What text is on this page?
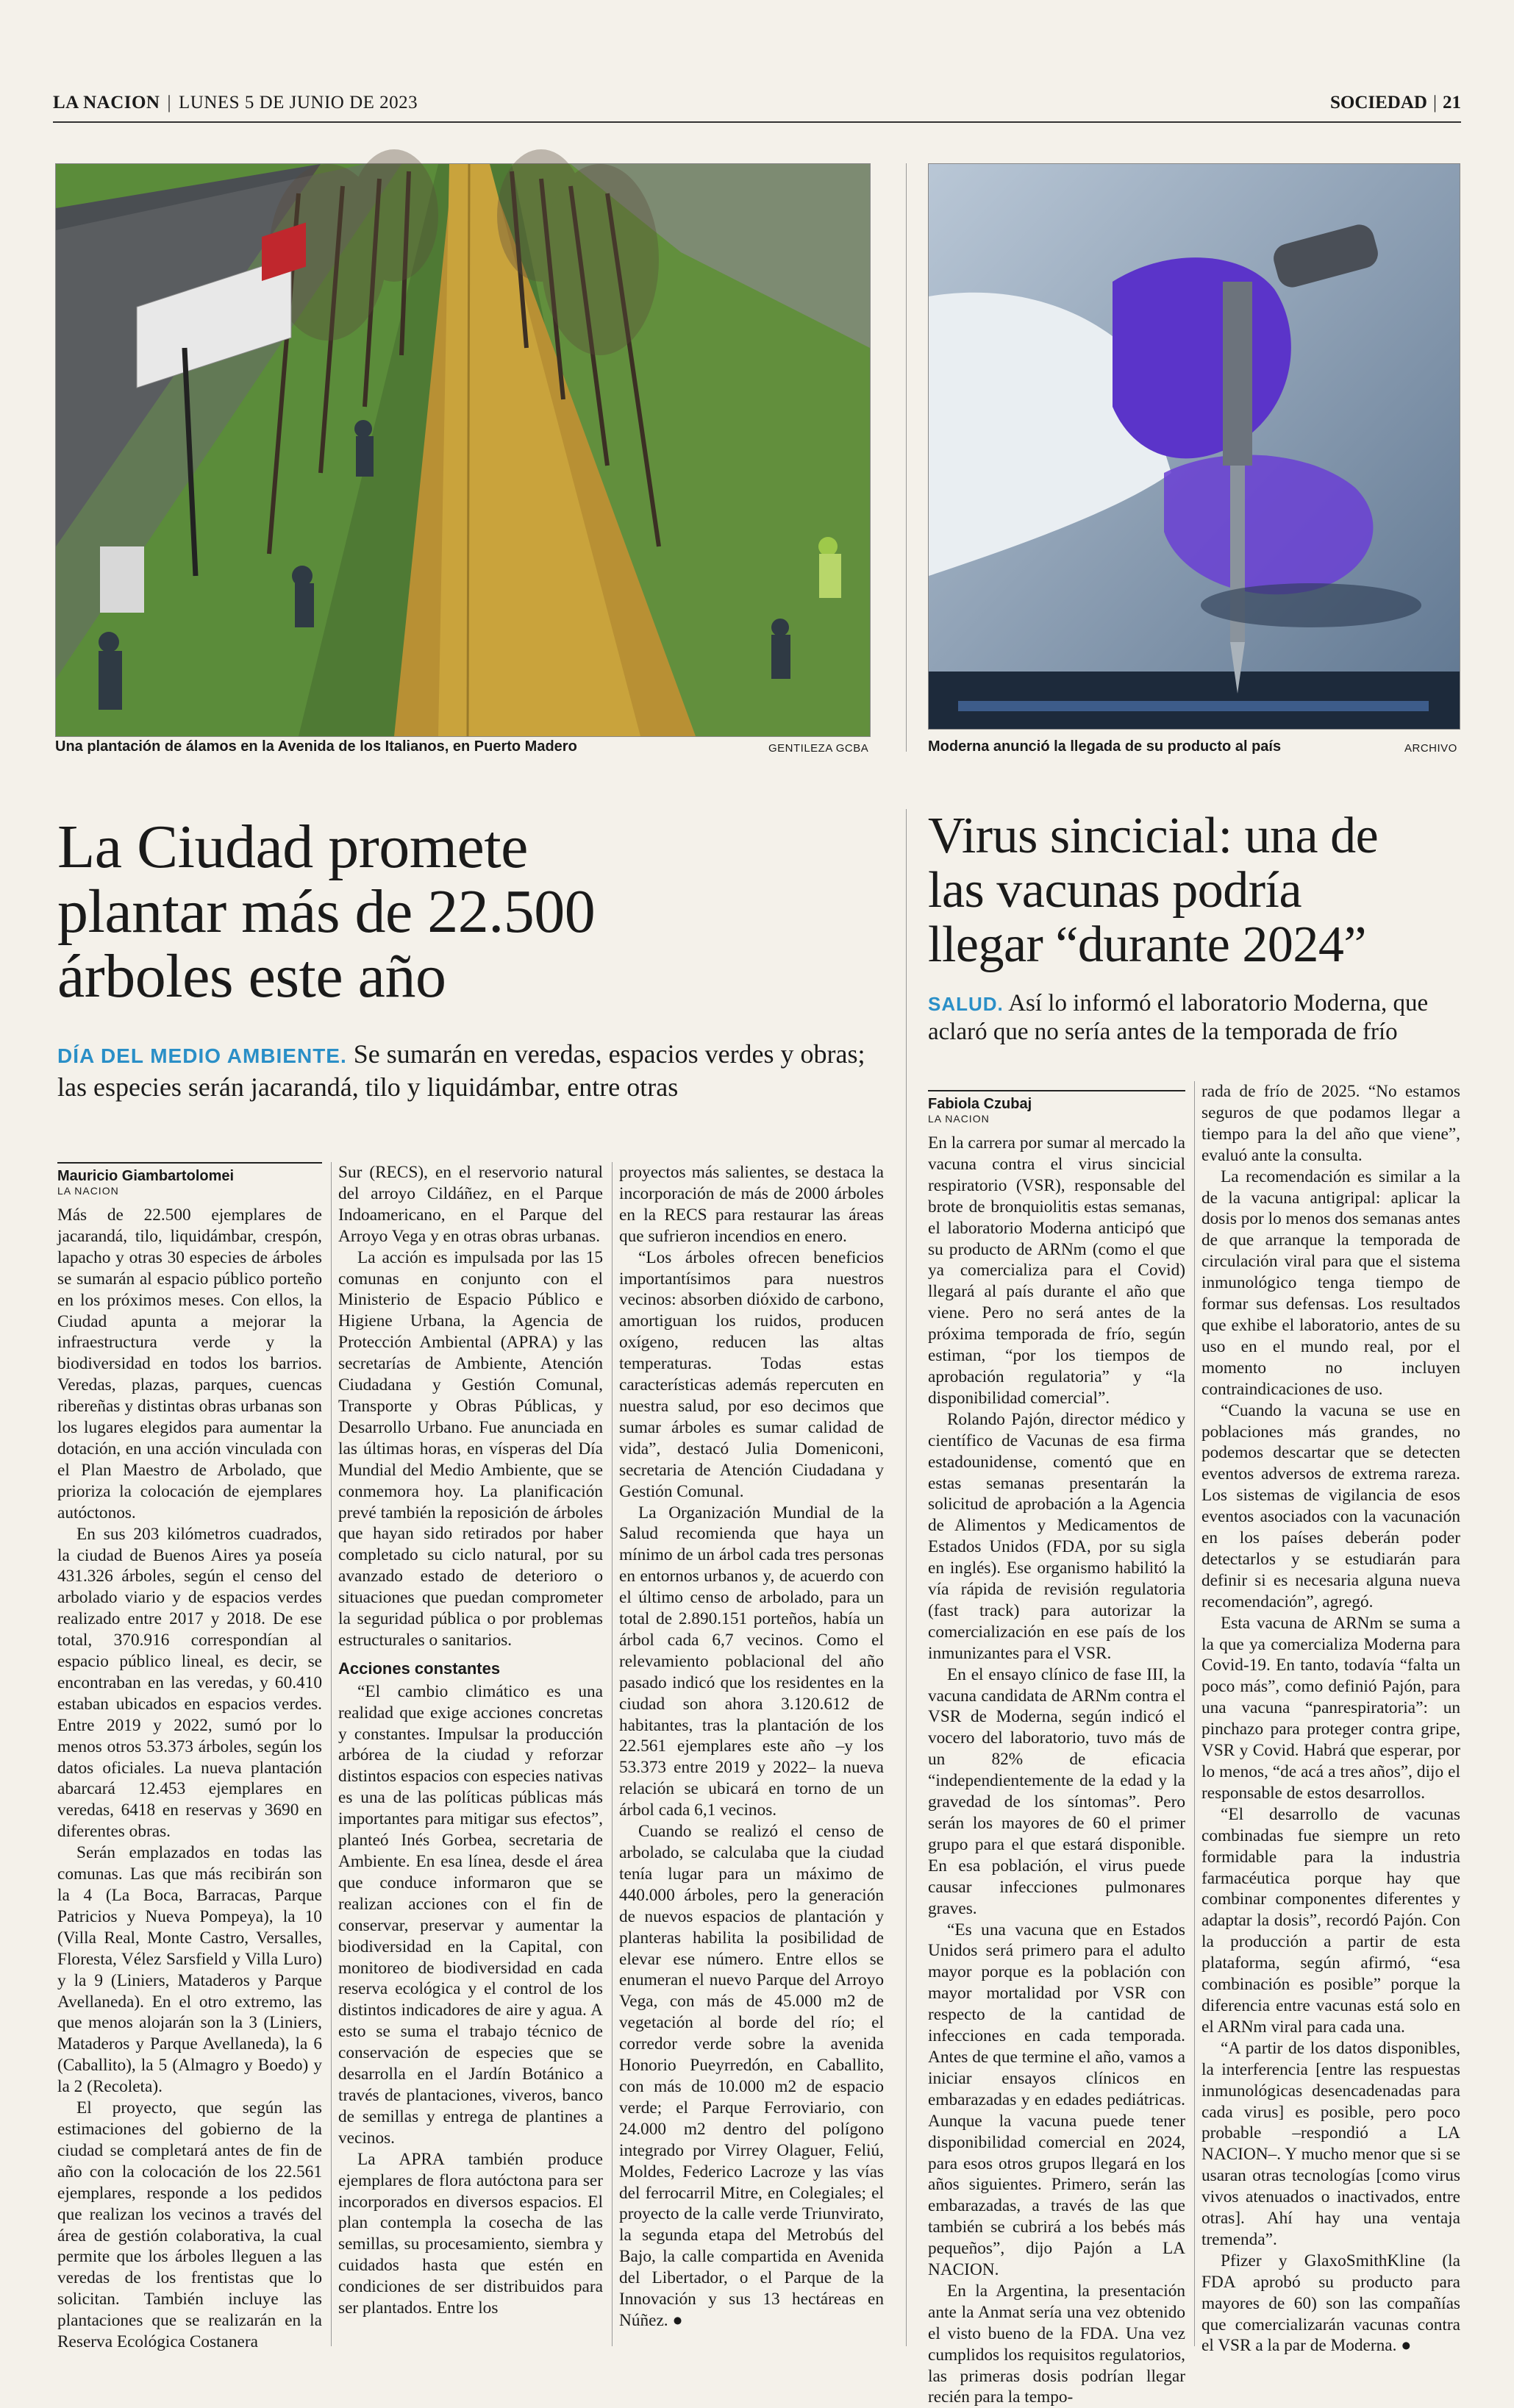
LA NACION | LUNES 5 DE JUNIO DE 2023	SOCIEDAD | 21
Una plantación de álamos en la Avenida de los Italianos, en Puerto Madero	GENTILEZA GCBA	Moderna anunció la llegada de su producto al país	ARCHIVO
La Ciudad promete
plantar más de 22.500
árboles este año
DÍA DEL MEDIO AMBIENTE. Se sumarán en veredas, espacios verdes y obras; las especies serán jacarandá, tilo y liquidámbar, entre otras
Virus sincicial: una de
las vacunas podría
llegar “durante 2024”
SALUD. Así lo informó el laboratorio Moderna, que aclaró que no sería antes de la temporada de frío
Mauricio Giambartolomei
LA NACION

Más de 22.500 ejemplares de jacarandá, tilo, liquidámbar, crespón, lapacho y otras 30 especies de árboles se sumarán al espacio público porteño en los próximos meses. Con ellos, la Ciudad apunta a mejorar la infraestructura verde y la biodiversidad en todos los barrios. Veredas, plazas, parques, cuencas ribereñas y distintas obras urbanas son los lugares elegidos para aumentar la dotación, en una acción vinculada con el Plan Maestro de Arbolado, que prioriza la colocación de ejemplares autóctonos.

En sus 203 kilómetros cuadrados, la ciudad de Buenos Aires ya poseía 431.326 árboles, según el censo del arbolado viario y de espacios verdes realizado entre 2017 y 2018. De ese total, 370.916 correspondían al espacio público lineal, es decir, se encontraban en las veredas, y 60.410 estaban ubicados en espacios verdes. Entre 2019 y 2022, sumó por lo menos otros 53.373 árboles, según los datos oficiales. La nueva plantación abarcará 12.453 ejemplares en veredas, 6418 en reservas y 3690 en diferentes obras.

Serán emplazados en todas las comunas. Las que más recibirán son la 4 (La Boca, Barracas, Parque Patricios y Nueva Pompeya), la 10 (Villa Real, Monte Castro, Versalles, Floresta, Vélez Sarsfield y Villa Luro) y la 9 (Liniers, Mataderos y Parque Avellaneda). En el otro extremo, las que menos alojarán son la 3 (Liniers, Mataderos y Parque Avellaneda), la 6 (Caballito), la 5 (Almagro y Boedo) y la 2 (Recoleta).

El proyecto, que según las estimaciones del gobierno de la ciudad se completará antes de fin de año con la colocación de los 22.561 ejemplares, responde a los pedidos que realizan los vecinos a través del área de gestión colaborativa, la cual permite que los árboles lleguen a las veredas de los frentistas que lo solicitan. También incluye las plantaciones que se realizarán en la Reserva Ecológica Costanera

Sur (RECS), en el reservorio natural del arroyo Cildáñez, en el Parque Indoamericano, en el Parque del Arroyo Vega y en otras obras urbanas.

La acción es impulsada por las 15 comunas en conjunto con el Ministerio de Espacio Público e Higiene Urbana, la Agencia de Protección Ambiental (APRA) y las secretarías de Ambiente, Atención Ciudadana y Gestión Comunal, Transporte y Obras Públicas, y Desarrollo Urbano. Fue anunciada en las últimas horas, en vísperas del Día Mundial del Medio Ambiente, que se conmemora hoy. La planificación prevé también la reposición de árboles que hayan sido retirados por haber completado su ciclo natural, por su avanzado estado de deterioro o situaciones que puedan comprometer la seguridad pública o por problemas estructurales o sanitarios.

Acciones constantes

“El cambio climático es una realidad que exige acciones concretas y constantes. Impulsar la producción arbórea de la ciudad y reforzar distintos espacios con especies nativas es una de las políticas públicas más importantes para mitigar sus efectos”, planteó Inés Gorbea, secretaria de Ambiente. En esa línea, desde el área que conduce informaron que se realizan acciones con el fin de conservar, preservar y aumentar la biodiversidad en la Capital, con monitoreo de biodiversidad en cada reserva ecológica y el control de los distintos indicadores de aire y agua. A esto se suma el trabajo técnico de conservación de especies que se desarrolla en el Jardín Botánico a través de plantaciones, viveros, banco de semillas y entrega de plantines a vecinos.

La APRA también produce ejemplares de flora autóctona para ser incorporados en diversos espacios. El plan contempla la cosecha de las semillas, su procesamiento, siembra y cuidados hasta que estén en condiciones de ser distribuidos para ser plantados. Entre los

proyectos más salientes, se destaca la incorporación de más de 2000 árboles en la RECS para restaurar las áreas que sufrieron incendios en enero.

“Los árboles ofrecen beneficios importantísimos para nuestros vecinos: absorben dióxido de carbono, amortiguan los ruidos, producen oxígeno, reducen las altas temperaturas. Todas estas características además repercuten en nuestra salud, por eso decimos que sumar árboles es sumar calidad de vida”, destacó Julia Domeniconi, secretaria de Atención Ciudadana y Gestión Comunal.

La Organización Mundial de la Salud recomienda que haya un mínimo de un árbol cada tres personas en entornos urbanos y, de acuerdo con el último censo de arbolado, para un total de 2.890.151 porteños, había un árbol cada 6,7 vecinos. Como el relevamiento poblacional del año pasado indicó que los residentes en la ciudad son ahora 3.120.612 de habitantes, tras la plantación de los 22.561 ejemplares este año –y los 53.373 entre 2019 y 2022– la nueva relación se ubicará en torno de un árbol cada 6,1 vecinos.

Cuando se realizó el censo de arbolado, se calculaba que la ciudad tenía lugar para un máximo de 440.000 árboles, pero la generación de nuevos espacios de plantación y planteras habilita la posibilidad de elevar ese número. Entre ellos se enumeran el nuevo Parque del Arroyo Vega, con más de 45.000 m2 de vegetación al borde del río; el corredor verde sobre la avenida Honorio Pueyrredón, en Caballito, con más de 10.000 m2 de espacio verde; el Parque Ferroviario, con 24.000 m2 dentro del polígono integrado por Virrey Olaguer, Feliú, Moldes, Federico Lacroze y las vías del ferrocarril Mitre, en Colegiales; el proyecto de la calle verde Triunvirato, la segunda etapa del Metrobús del Bajo, la calle compartida en Avenida del Libertador, o el Parque de la Innovación y sus 13 hectáreas en Núñez. ●

Fabiola Czubaj
LA NACION

En la carrera por sumar al mercado la vacuna contra el virus sincicial respiratorio (VSR), responsable del brote de bronquiolitis estas semanas, el laboratorio Moderna anticipó que su producto de ARNm (como el que ya comercializa para el Covid) llegará al país durante el año que viene. Pero no será antes de la próxima temporada de frío, según estiman, “por los tiempos de aprobación regulatoria” y “la disponibilidad comercial”.

Rolando Pajón, director médico y científico de Vacunas de esa firma estadounidense, comentó que en estas semanas presentarán la solicitud de aprobación a la Agencia de Alimentos y Medicamentos de Estados Unidos (FDA, por su sigla en inglés). Ese organismo habilitó la vía rápida de revisión regulatoria (fast track) para autorizar la comercialización en ese país de los inmunizantes para el VSR.

En el ensayo clínico de fase III, la vacuna candidata de ARNm contra el VSR de Moderna, según indicó el vocero del laboratorio, tuvo más de un 82% de eficacia “independientemente de la edad y la gravedad de los síntomas”. Pero serán los mayores de 60 el primer grupo para el que estará disponible. En esa población, el virus puede causar infecciones pulmonares graves.

“Es una vacuna que en Estados Unidos será primero para el adulto mayor porque es la población con mayor mortalidad por VSR con respecto de la cantidad de infecciones en cada temporada. Antes de que termine el año, vamos a iniciar ensayos clínicos en embarazadas y en edades pediátricas. Aunque la vacuna puede tener disponibilidad comercial en 2024, para esos otros grupos llegará en los años siguientes. Primero, serán las embarazadas, a través de las que también se cubrirá a los bebés más pequeños”, dijo Pajón a LA NACION.

En la Argentina, la presentación ante la Anmat sería una vez obtenido el visto bueno de la FDA. Una vez cumplidos los requisitos regulatorios, las primeras dosis podrían llegar recién para la tempo-

rada de frío de 2025. “No estamos seguros de que podamos llegar a tiempo para la del año que viene”, evaluó ante la consulta.

La recomendación es similar a la de la vacuna antigripal: aplicar la dosis por lo menos dos semanas antes de que arranque la temporada de circulación viral para que el sistema inmunológico tenga tiempo de formar sus defensas. Los resultados que exhibe el laboratorio, antes de su uso en el mundo real, por el momento no incluyen contraindicaciones de uso.

“Cuando la vacuna se use en poblaciones más grandes, no podemos descartar que se detecten eventos adversos de extrema rareza. Los sistemas de vigilancia de esos eventos asociados con la vacunación en los países deberán poder detectarlos y se estudiarán para definir si es necesaria alguna nueva recomendación”, agregó.

Esta vacuna de ARNm se suma a la que ya comercializa Moderna para Covid-19. En tanto, todavía “falta un poco más”, como definió Pajón, para una vacuna “panrespiratoria”: un pinchazo para proteger contra gripe, VSR y Covid. Habrá que esperar, por lo menos, “de acá a tres años”, dijo el responsable de estos desarrollos.

“El desarrollo de vacunas combinadas fue siempre un reto formidable para la industria farmacéutica porque hay que combinar componentes diferentes y adaptar la dosis”, recordó Pajón. Con la producción a partir de esta plataforma, según afirmó, “esa combinación es posible” porque la diferencia entre vacunas está solo en el ARNm viral para cada una.

“A partir de los datos disponibles, la interferencia [entre las respuestas inmunológicas desencadenadas para cada virus] es posible, pero poco probable –respondió a LA NACION–. Y mucho menor que si se usaran otras tecnologías [como virus vivos atenuados o inactivados, entre otras]. Ahí hay una ventaja tremenda”.

Pfizer y GlaxoSmithKline (la FDA aprobó su producto para mayores de 60) son las compañías que comercializarán vacunas contra el VSR a la par de Moderna. ●
